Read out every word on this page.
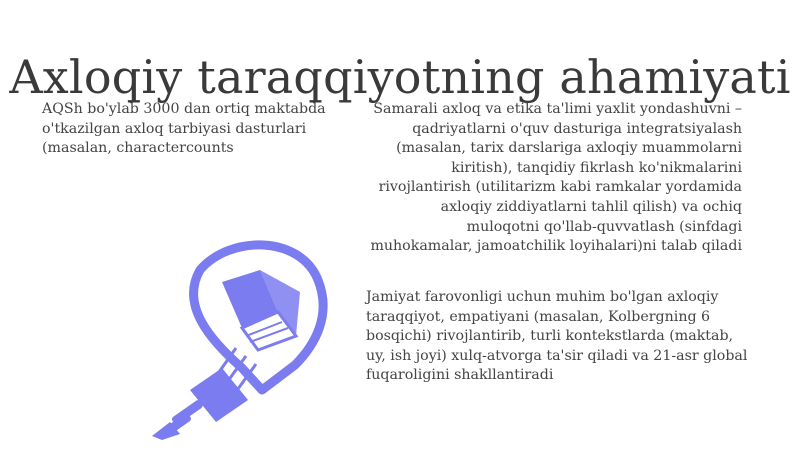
Axloqiy taraqqiyotning ahamiyati
AQSh bo'ylab 3000 dan ortiq maktabda o'tkazilgan axloq tarbiyasi dasturlari (masalan, charactercounts
Samarali axloq va etika ta'limi yaxlit yondashuvni – qadriyatlarni o'quv dasturiga integratsiyalash (masalan, tarix darslariga axloqiy muammolarni kiritish), tanqidiy fikrlash ko'nikmalarini rivojlantirish (utilitarizm kabi ramkalar yordamida axloqiy ziddiyatlarni tahlil qilish) va ochiq muloqotni qo'llab-quvvatlash (sinfdagi muhokamalar, jamoatchilik loyihalari)ni talab qiladi
Jamiyat farovonligi uchun muhim bo'lgan axloqiy taraqqiyot, empatiyani (masalan, Kolbergning 6 bosqichi) rivojlantirib, turli kontekstlarda (maktab, uy, ish joyi) xulq-atvorga ta'sir qiladi va 21-asr global fuqaroligini shakllantiradi
